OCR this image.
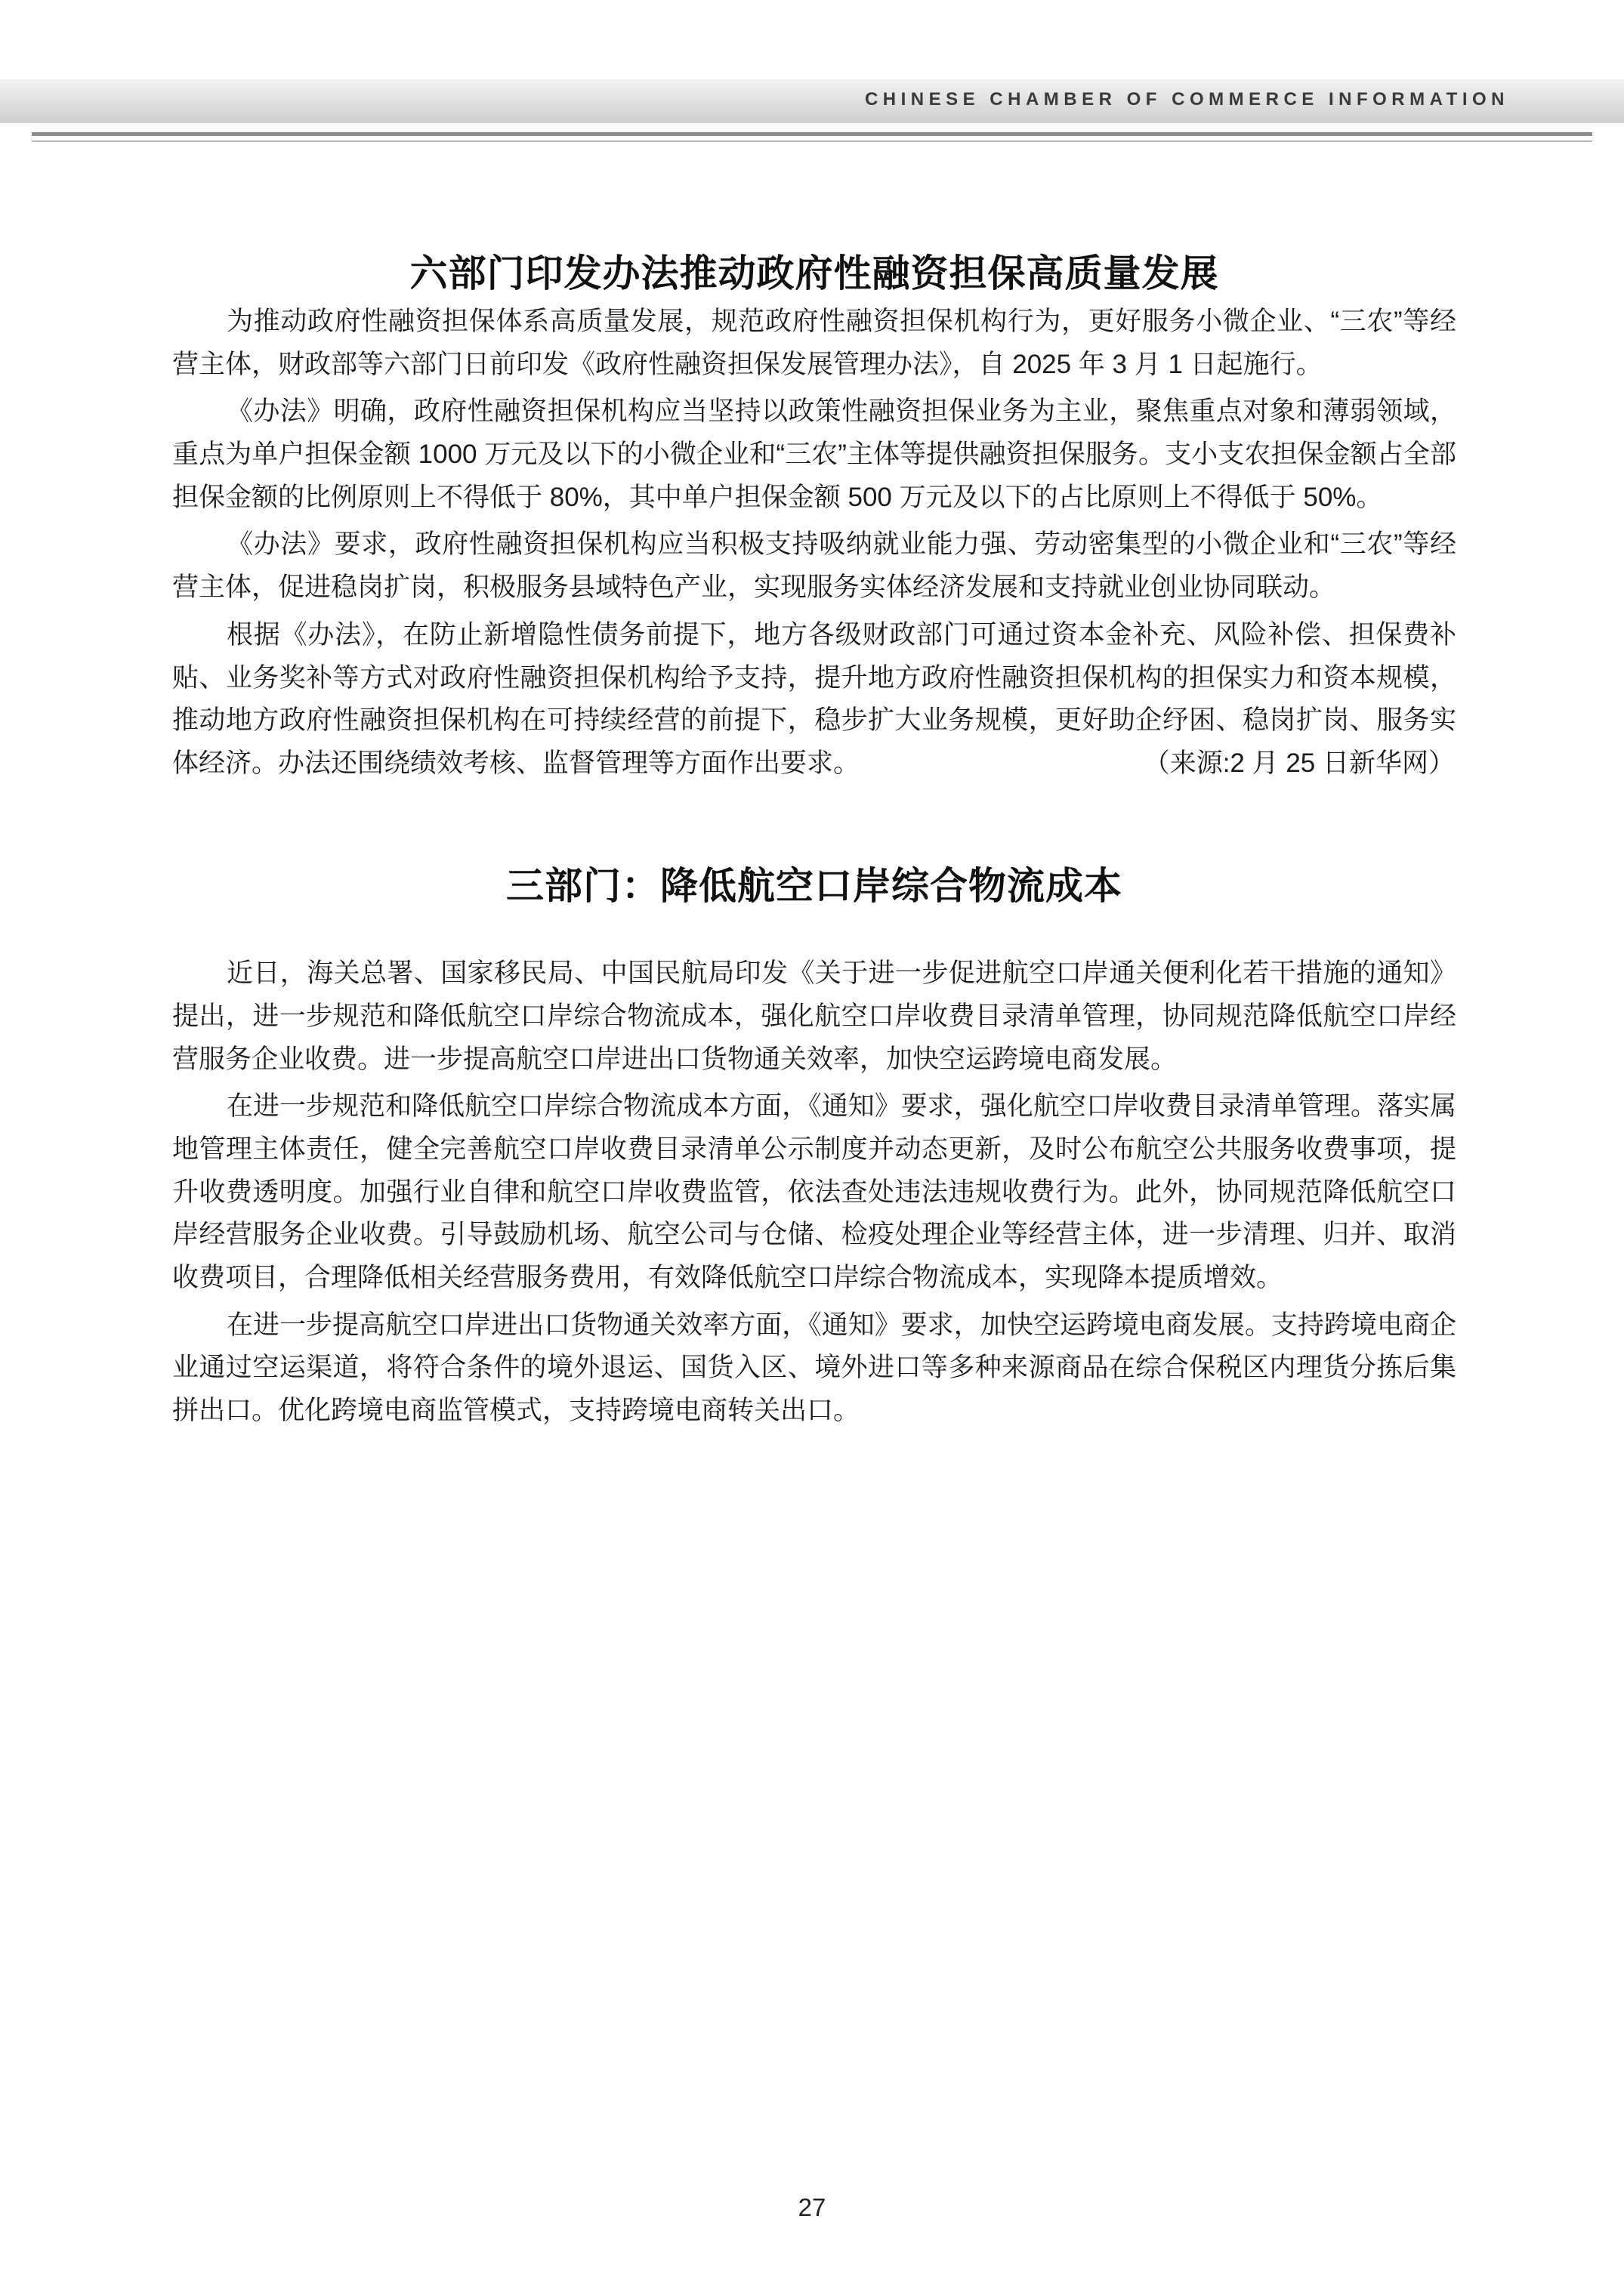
CHINESE CHAMBER OF COMMERCE INFORMATION
六部门印发办法推动政府性融资担保高质量发展

为推动政府性融资担保体系高质量发展，规范政府性融资担保机构行为，更好服务小微企业、“三农”等经营主体，财政部等六部门日前印发《政府性融资担保发展管理办法》，自 2025 年 3 月 1 日起施行。

《办法》明确，政府性融资担保机构应当坚持以政策性融资担保业务为主业，聚焦重点对象和薄弱领域，重点为单户担保金额 1000 万元及以下的小微企业和“三农”主体等提供融资担保服务。支小支农担保金额占全部担保金额的比例原则上不得低于 80%，其中单户担保金额 500 万元及以下的占比原则上不得低于 50%。

《办法》要求，政府性融资担保机构应当积极支持吸纳就业能力强、劳动密集型的小微企业和“三农”等经营主体，促进稳岗扩岗，积极服务县域特色产业，实现服务实体经济发展和支持就业创业协同联动。

根据《办法》，在防止新增隐性债务前提下，地方各级财政部门可通过资本金补充、风险补偿、担保费补贴、业务奖补等方式对政府性融资担保机构给予支持，提升地方政府性融资担保机构的担保实力和资本规模，推动地方政府性融资担保机构在可持续经营的前提下，稳步扩大业务规模，更好助企纾困、稳岗扩岗、服务实体经济。办法还围绕绩效考核、监督管理等方面作出要求。	（来源:2 月 25 日新华网）

三部门：降低航空口岸综合物流成本

近日，海关总署、国家移民局、中国民航局印发《关于进一步促进航空口岸通关便利化若干措施的通知》提出，进一步规范和降低航空口岸综合物流成本，强化航空口岸收费目录清单管理，协同规范降低航空口岸经营服务企业收费。进一步提高航空口岸进出口货物通关效率，加快空运跨境电商发展。

在进一步规范和降低航空口岸综合物流成本方面，《通知》要求，强化航空口岸收费目录清单管理。落实属地管理主体责任，健全完善航空口岸收费目录清单公示制度并动态更新，及时公布航空公共服务收费事项，提升收费透明度。加强行业自律和航空口岸收费监管，依法查处违法违规收费行为。此外，协同规范降低航空口岸经营服务企业收费。引导鼓励机场、航空公司与仓储、检疫处理企业等经营主体，进一步清理、归并、取消收费项目，合理降低相关经营服务费用，有效降低航空口岸综合物流成本，实现降本提质增效。

在进一步提高航空口岸进出口货物通关效率方面，《通知》要求，加快空运跨境电商发展。支持跨境电商企业通过空运渠道，将符合条件的境外退运、国货入区、境外进口等多种来源商品在综合保税区内理货分拣后集拼出口。优化跨境电商监管模式，支持跨境电商转关出口。

27
